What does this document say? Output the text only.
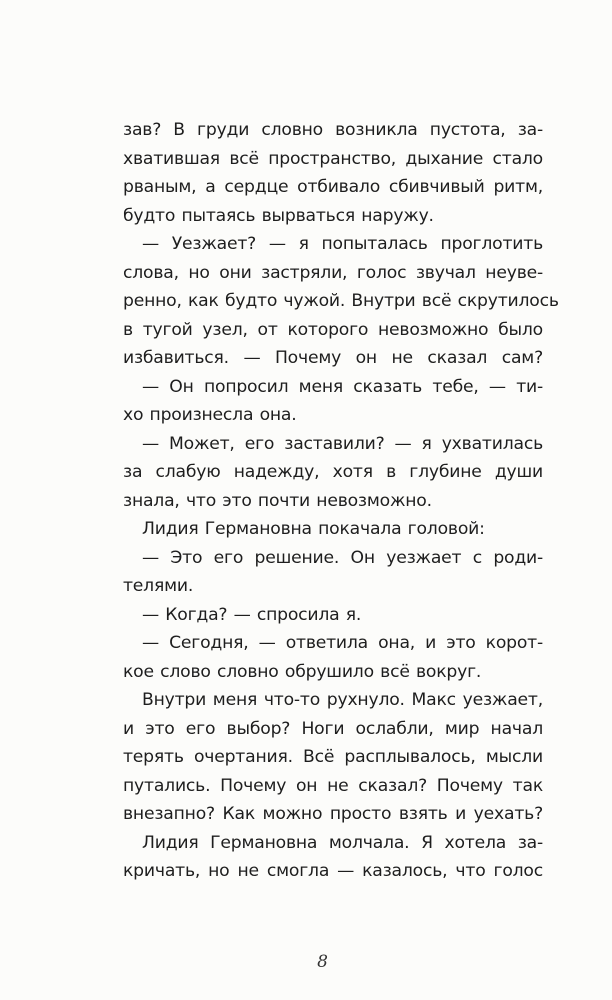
зав? В груди словно возникла пустота, за-
хватившая всё пространство, дыхание стало
рваным, а сердце отбивало сбивчивый ритм,
будто пытаясь вырваться наружу.
— Уезжает? — я попыталась проглотить
слова, но они застряли, голос звучал неуве-
ренно, как будто чужой. Внутри всё скрутилось
в тугой узел, от которого невозможно было
избавиться. — Почему он не сказал сам?
— Он попросил меня сказать тебе, — ти-
хо произнесла она.
— Может, его заставили? — я ухватилась
за слабую надежду, хотя в глубине души
знала, что это почти невозможно.
Лидия Германовна покачала головой:
— Это его решение. Он уезжает с роди-
телями.
— Когда? — спросила я.
— Сегодня, — ответила она, и это корот-
кое слово словно обрушило всё вокруг.
Внутри меня что-то рухнуло. Макс уезжает,
и это его выбор? Ноги ослабли, мир начал
терять очертания. Всё расплывалось, мысли
путались. Почему он не сказал? Почему так
внезапно? Как можно просто взять и уехать?
Лидия Германовна молчала. Я хотела за-
кричать, но не смогла — казалось, что голос
8
